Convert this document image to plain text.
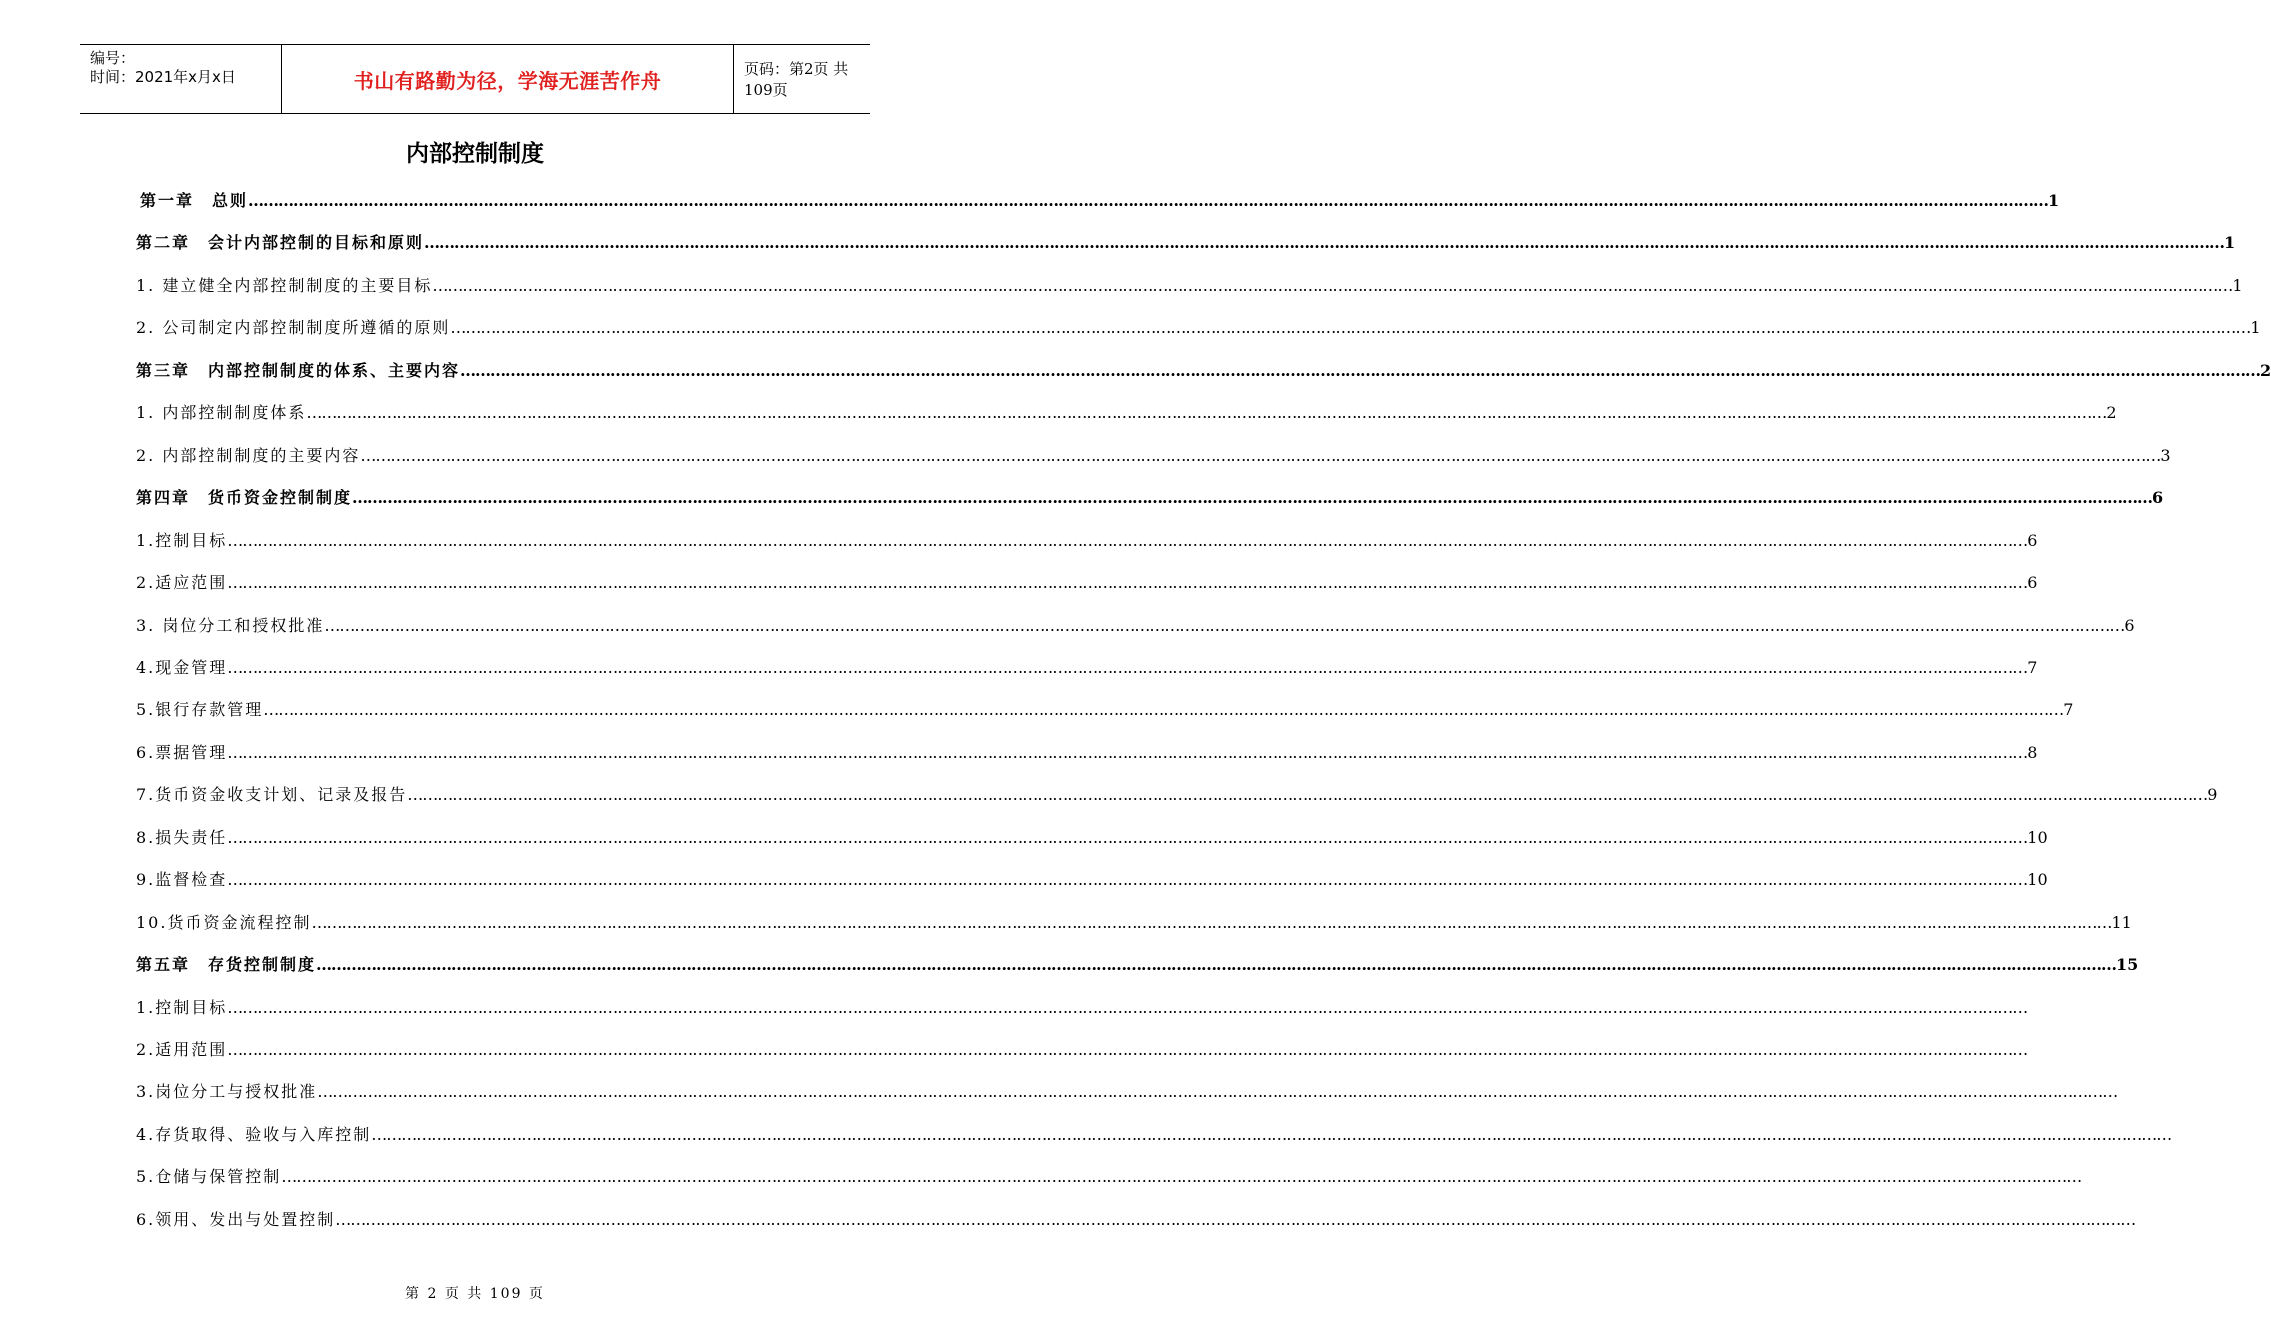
编号：
时间：2021年x月x日	书山有路勤为径，学海无涯苦作舟	页码：第2页 共109页
内部控制制度
第一章　总则 ……………………………………………………………………………………………………………………………………………………………………………………………………………………………………………………………………………………………………………………………… 1
第二章　会计内部控制的目标和原则 ……………………………………………………………………………………………………………………………………………………………………………………………………………………………………………………………………………………………………………………………… 1
1. 建立健全内部控制制度的主要目标 ……………………………………………………………………………………………………………………………………………………………………………………………………………………………………………………………………………………………………………………………… 1
2. 公司制定内部控制制度所遵循的原则 ……………………………………………………………………………………………………………………………………………………………………………………………………………………………………………………………………………………………………………………………… 1
第三章　内部控制制度的体系、主要内容 ……………………………………………………………………………………………………………………………………………………………………………………………………………………………………………………………………………………………………………………………… 2
1. 内部控制制度体系 ……………………………………………………………………………………………………………………………………………………………………………………………………………………………………………………………………………………………………………………………… 2
2. 内部控制制度的主要内容 ……………………………………………………………………………………………………………………………………………………………………………………………………………………………………………………………………………………………………………………………… 3
第四章　货币资金控制制度 ……………………………………………………………………………………………………………………………………………………………………………………………………………………………………………………………………………………………………………………………… 6
1.控制目标 ……………………………………………………………………………………………………………………………………………………………………………………………………………………………………………………………………………………………………………………………… 6
2.适应范围 ……………………………………………………………………………………………………………………………………………………………………………………………………………………………………………………………………………………………………………………………… 6
3. 岗位分工和授权批准 ……………………………………………………………………………………………………………………………………………………………………………………………………………………………………………………………………………………………………………………………… 6
4.现金管理 ……………………………………………………………………………………………………………………………………………………………………………………………………………………………………………………………………………………………………………………………… 7
5.银行存款管理 ……………………………………………………………………………………………………………………………………………………………………………………………………………………………………………………………………………………………………………………………… 7
6.票据管理 ……………………………………………………………………………………………………………………………………………………………………………………………………………………………………………………………………………………………………………………………… 8
7.货币资金收支计划、记录及报告 ……………………………………………………………………………………………………………………………………………………………………………………………………………………………………………………………………………………………………………………………… 9
8.损失责任 ……………………………………………………………………………………………………………………………………………………………………………………………………………………………………………………………………………………………………………………………… 10
9.监督检查 ……………………………………………………………………………………………………………………………………………………………………………………………………………………………………………………………………………………………………………………………… 10
10.货币资金流程控制 ……………………………………………………………………………………………………………………………………………………………………………………………………………………………………………………………………………………………………………………………… 11
第五章　存货控制制度 ……………………………………………………………………………………………………………………………………………………………………………………………………………………………………………………………………………………………………………………………… 15
1.控制目标 ………………………………………………………………………………………………………………………………………………………………………………………………………………………………………………………………………………………………………………………………
2.适用范围 ………………………………………………………………………………………………………………………………………………………………………………………………………………………………………………………………………………………………………………………………
3.岗位分工与授权批准 ………………………………………………………………………………………………………………………………………………………………………………………………………………………………………………………………………………………………………………………………
4.存货取得、验收与入库控制 ………………………………………………………………………………………………………………………………………………………………………………………………………………………………………………………………………………………………………………………………
5.仓储与保管控制 ………………………………………………………………………………………………………………………………………………………………………………………………………………………………………………………………………………………………………………………………
6.领用、发出与处置控制 ………………………………………………………………………………………………………………………………………………………………………………………………………………………………………………………………………………………………………………………………
第 2 页 共 109 页
